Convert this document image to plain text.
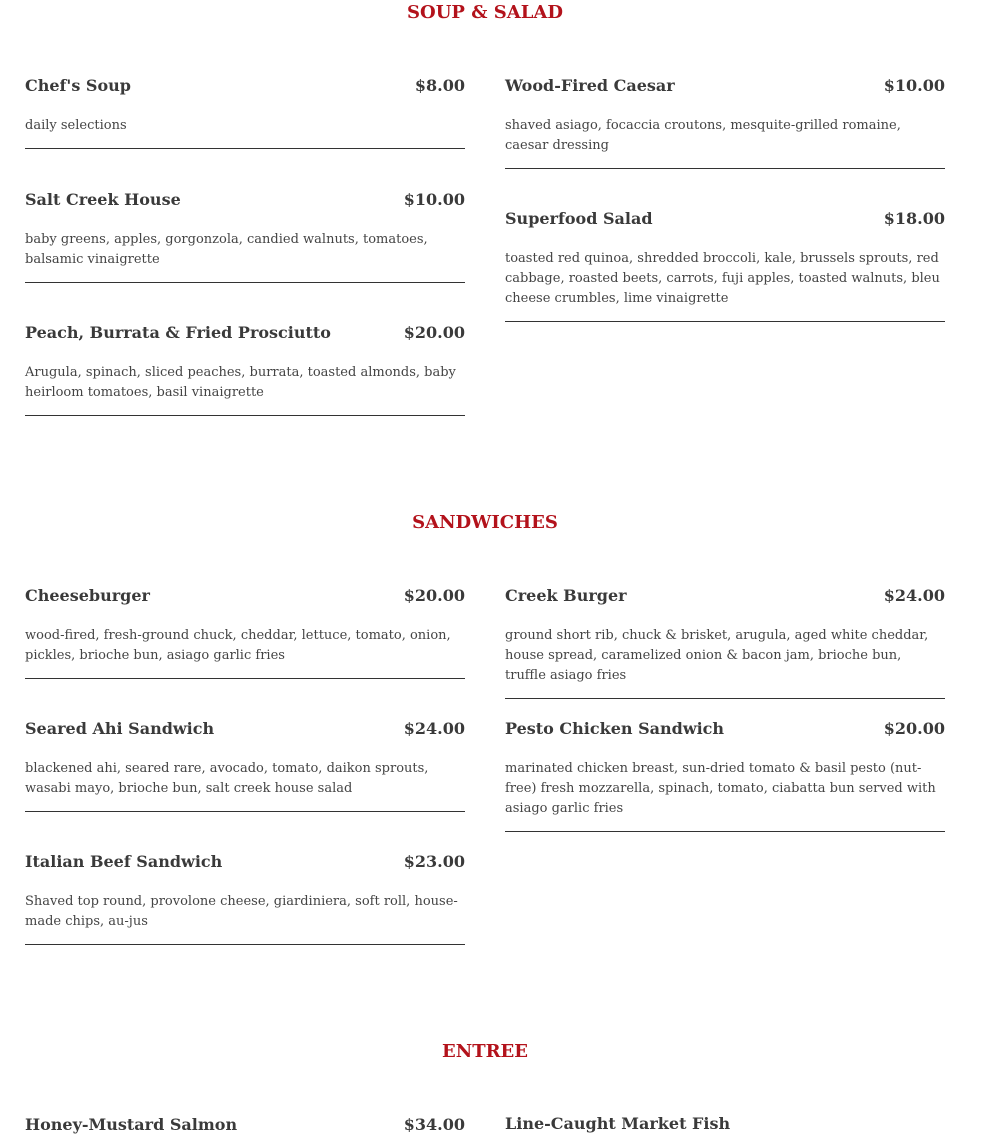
SOUP & SALAD
Chef's Soup	$8.00
daily selections
Wood-Fired Caesar	$10.00
shaved asiago, focaccia croutons, mesquite-grilled romaine, caesar dressing
Salt Creek House	$10.00
baby greens, apples, gorgonzola, candied walnuts, tomatoes, balsamic vinaigrette
Superfood Salad	$18.00
toasted red quinoa, shredded broccoli, kale, brussels sprouts, red cabbage, roasted beets, carrots, fuji apples, toasted walnuts, bleu cheese crumbles, lime vinaigrette
Peach, Burrata & Fried Prosciutto	$20.00
Arugula, spinach, sliced peaches, burrata, toasted almonds, baby heirloom tomatoes, basil vinaigrette
SANDWICHES
Cheeseburger	$20.00
wood-fired, fresh-ground chuck, cheddar, lettuce, tomato, onion, pickles, brioche bun, asiago garlic fries
Creek Burger	$24.00
ground short rib, chuck & brisket, arugula, aged white cheddar, house spread, caramelized onion & bacon jam, brioche bun, truffle asiago fries
Seared Ahi Sandwich	$24.00
blackened ahi, seared rare, avocado, tomato, daikon sprouts, wasabi mayo, brioche bun, salt creek house salad
Pesto Chicken Sandwich	$20.00
marinated chicken breast, sun-dried tomato & basil pesto (nut-free) fresh mozzarella, spinach, tomato, ciabatta bun served with asiago garlic fries
Italian Beef Sandwich	$23.00
Shaved top round, provolone cheese, giardiniera, soft roll, house-made chips, au-jus
ENTREE
Honey-Mustard Salmon	$34.00	Line-Caught Market Fish
